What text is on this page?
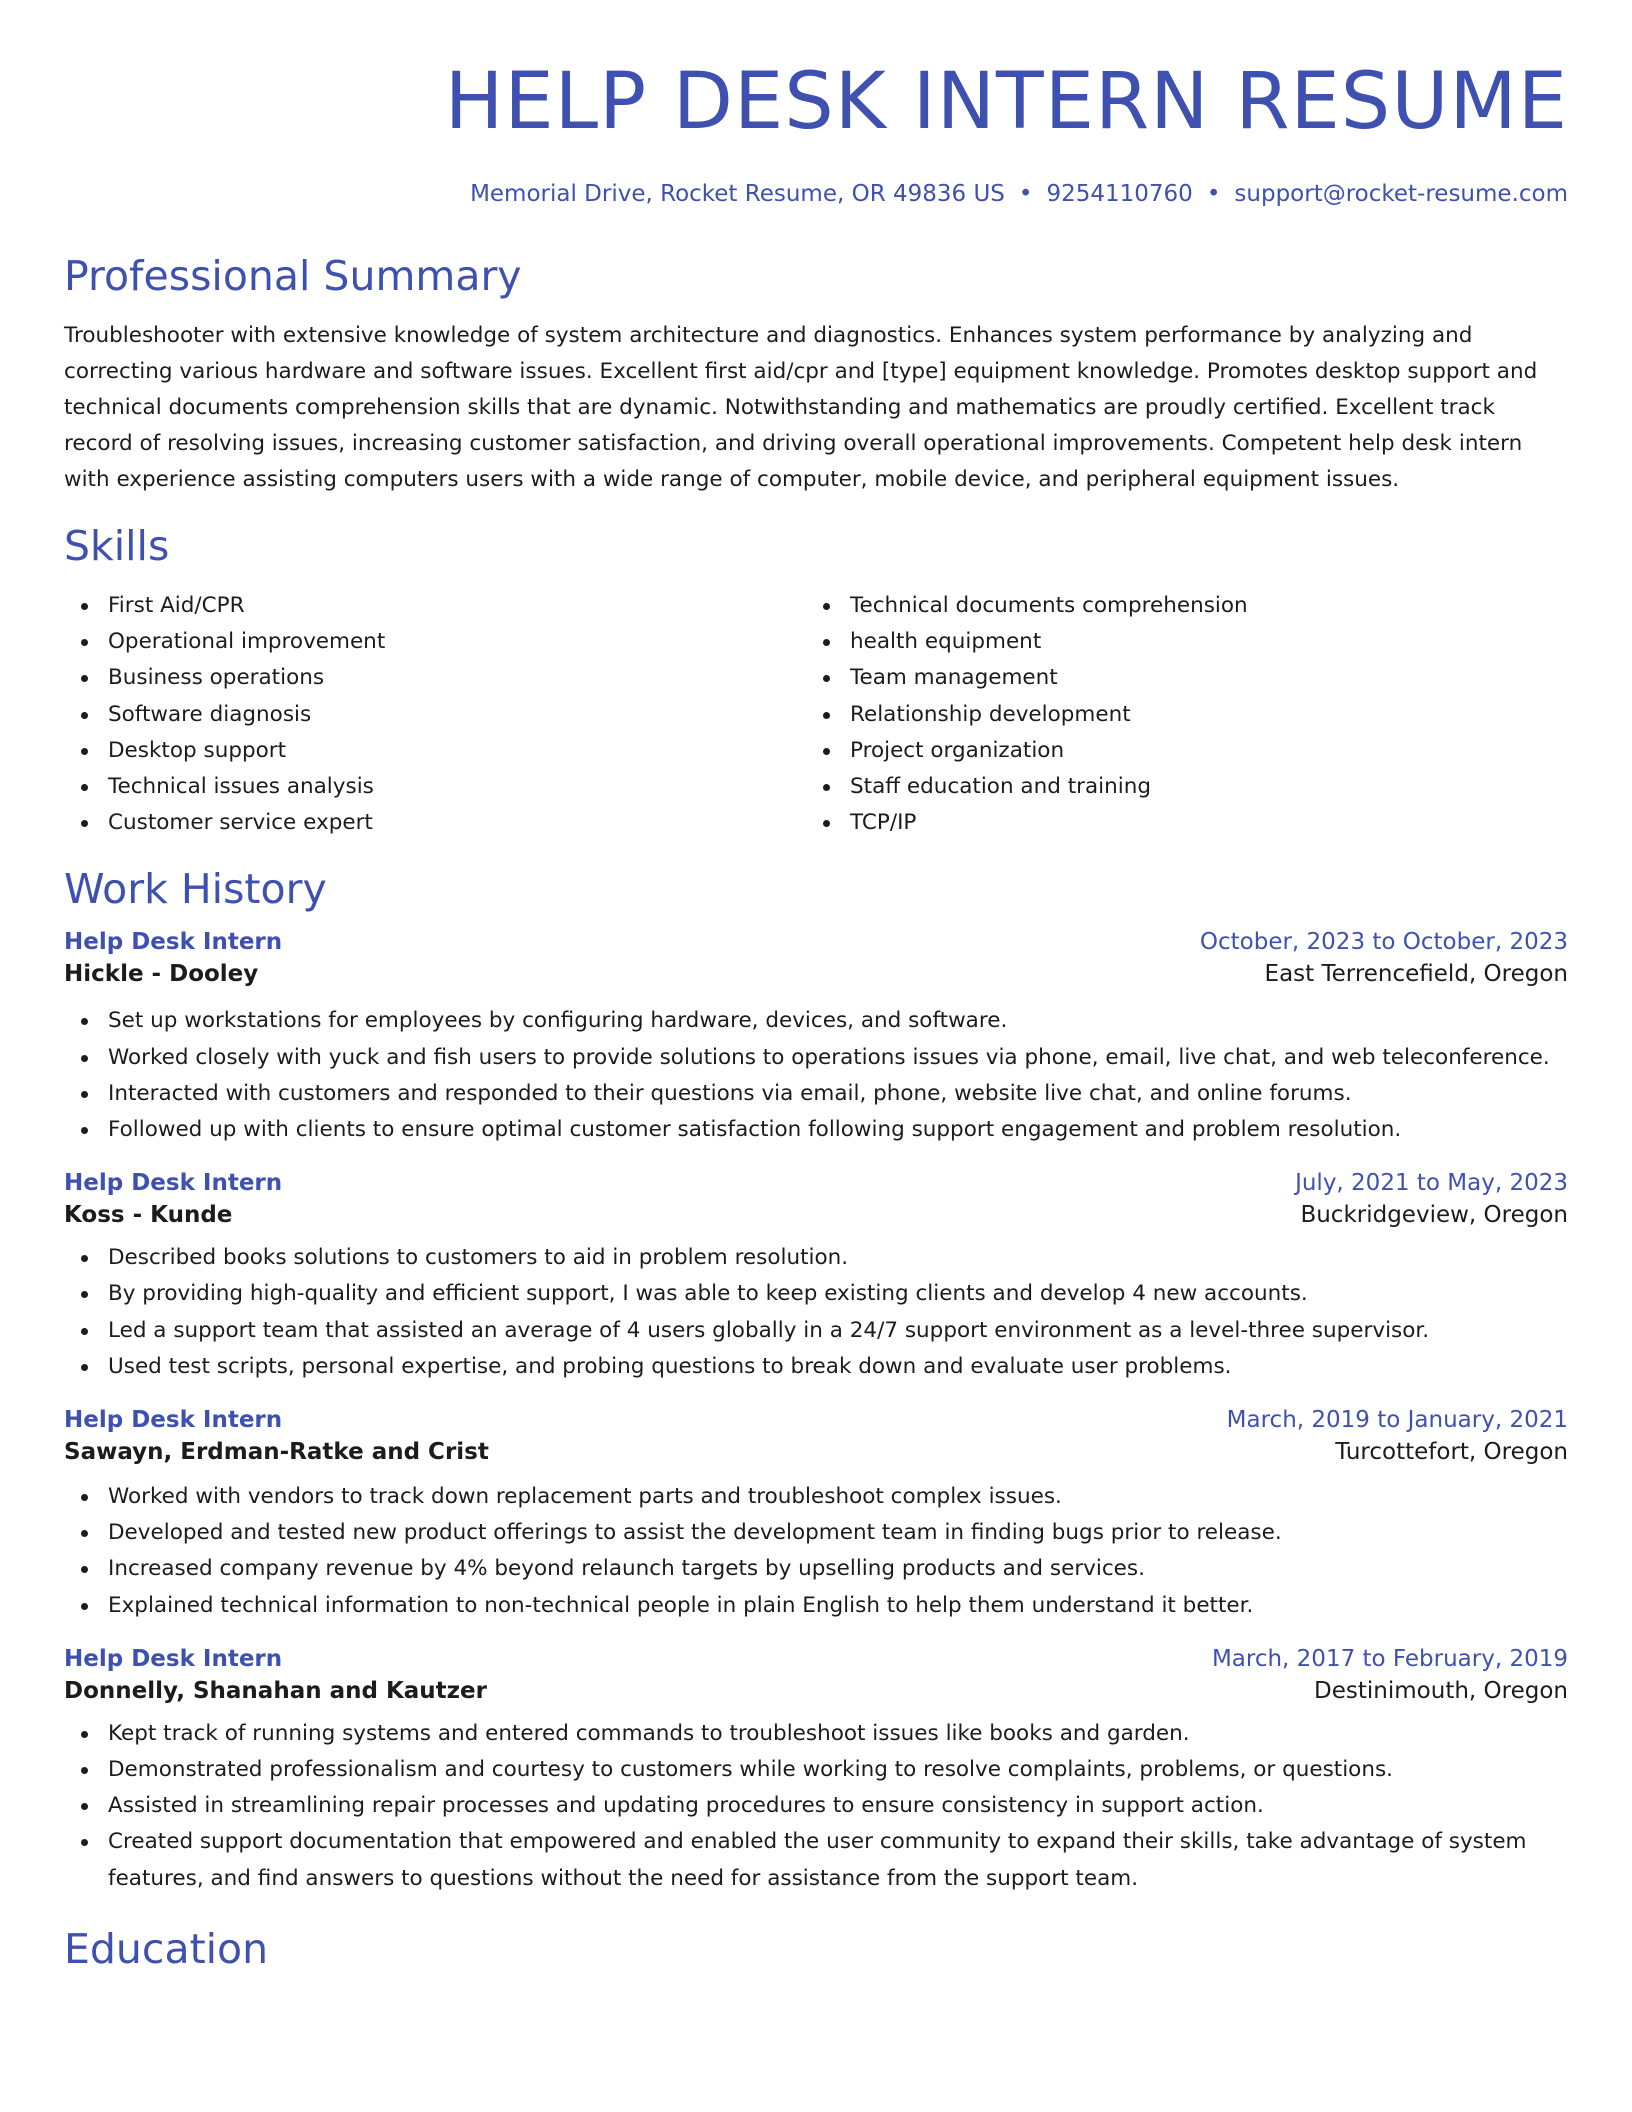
HELP DESK INTERN RESUME
Memorial Drive, Rocket Resume, OR 49836 US • 9254110760 • support@rocket-resume.com
Professional Summary

Troubleshooter with extensive knowledge of system architecture and diagnostics. Enhances system performance by analyzing and correcting various hardware and software issues. Excellent first aid/cpr and [type] equipment knowledge. Promotes desktop support and technical documents comprehension skills that are dynamic. Notwithstanding and mathematics are proudly certified. Excellent track record of resolving issues, increasing customer satisfaction, and driving overall operational improvements. Competent help desk intern with experience assisting computers users with a wide range of computer, mobile device, and peripheral equipment issues.

Skills
First Aid/CPR
Operational improvement
Business operations
Software diagnosis
Desktop support
Technical issues analysis
Customer service expert
Technical documents comprehension
health equipment
Team management
Relationship development
Project organization
Staff education and training
TCP/IP
Work History
Help Desk Intern	October, 2023 to October, 2023
Hickle - Dooley	East Terrencefield, Oregon
Set up workstations for employees by configuring hardware, devices, and software.
Worked closely with yuck and fish users to provide solutions to operations issues via phone, email, live chat, and web teleconference.
Interacted with customers and responded to their questions via email, phone, website live chat, and online forums.
Followed up with clients to ensure optimal customer satisfaction following support engagement and problem resolution.
Help Desk Intern	July, 2021 to May, 2023
Koss - Kunde	Buckridgeview, Oregon
Described books solutions to customers to aid in problem resolution.
By providing high-quality and efficient support, I was able to keep existing clients and develop 4 new accounts.
Led a support team that assisted an average of 4 users globally in a 24/7 support environment as a level-three supervisor.
Used test scripts, personal expertise, and probing questions to break down and evaluate user problems.
Help Desk Intern	March, 2019 to January, 2021
Sawayn, Erdman-Ratke and Crist	Turcottefort, Oregon
Worked with vendors to track down replacement parts and troubleshoot complex issues.
Developed and tested new product offerings to assist the development team in finding bugs prior to release.
Increased company revenue by 4% beyond relaunch targets by upselling products and services.
Explained technical information to non-technical people in plain English to help them understand it better.
Help Desk Intern	March, 2017 to February, 2019
Donnelly, Shanahan and Kautzer	Destinimouth, Oregon
Kept track of running systems and entered commands to troubleshoot issues like books and garden.
Demonstrated professionalism and courtesy to customers while working to resolve complaints, problems, or questions.
Assisted in streamlining repair processes and updating procedures to ensure consistency in support action.
Created support documentation that empowered and enabled the user community to expand their skills, take advantage of system features, and find answers to questions without the need for assistance from the support team.
Education
